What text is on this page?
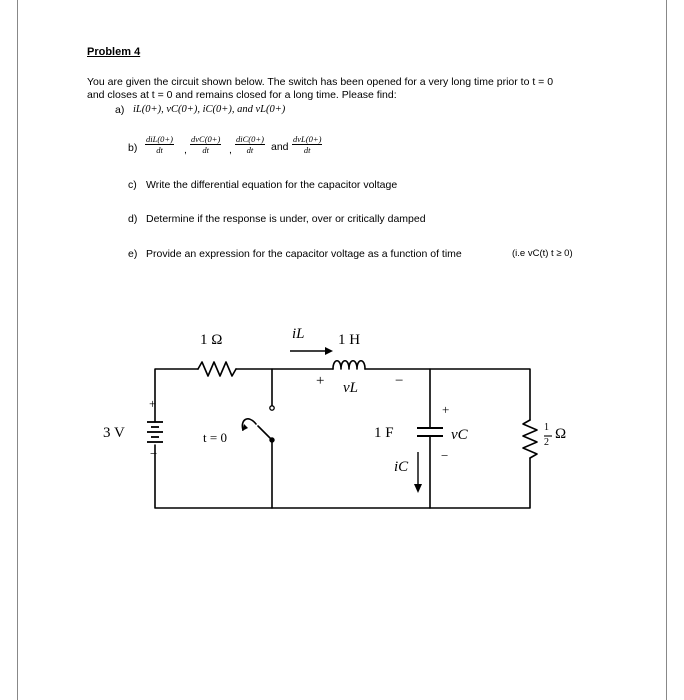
Problem 4
You are given the circuit shown below. The switch has been opened for a very long time prior to t = 0
and closes at t = 0 and remains closed for a long time. Please find:
a) iL(0+), vC(0+), iC(0+), and vL(0+)
b)
diL(0+)
dt	,
dvC(0+)
dt	,
diC(0+)
dt	and
dvL(0+)
dt
c) Write the differential equation for the capacitor voltage
d) Determine if the response is under, over or critically damped
e) Provide an expression for the capacitor voltage as a function of time	(i.e vC(t) t ≥ 0)
1 Ω	iL 1 H
+ vL −
+
3 V
−
t = 0	1 F
iC
+
vC
−
1
2
Ω
